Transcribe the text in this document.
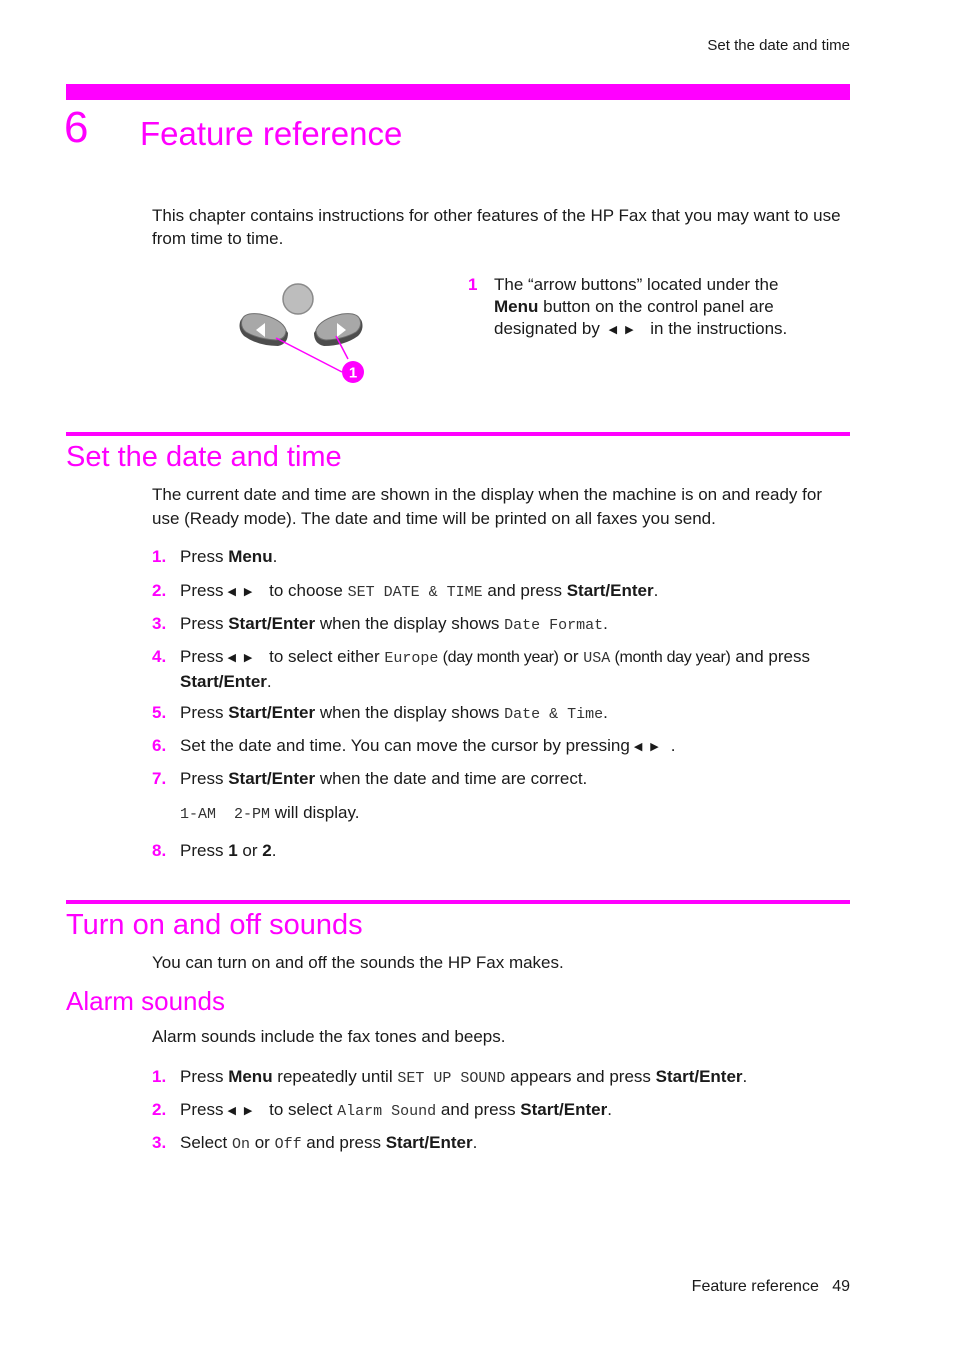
Set the date and time
6 Feature reference
This chapter contains instructions for other features of the HP Fax that you may want to use from time to time.
1
1 The “arrow buttons” located under the
Menu button on the control panel are designated by ◀▶ in the instructions.
Set the date and time
The current date and time are shown in the display when the machine is on and ready for use (Ready mode). The date and time will be printed on all faxes you send.
1. Press Menu.
2. Press ◀▶ to choose SET DATE & TIME and press Start/Enter.
3. Press Start/Enter when the display shows Date Format.
4. Press ◀▶ to select either Europe (day month year) or USA (month day year) and press Start/Enter.
5. Press Start/Enter when the display shows Date & Time.
6. Set the date and time. You can move the cursor by pressing ◀▶ .
7. Press Start/Enter when the date and time are correct.
1-AM  2-PM will display.
8. Press 1 or 2.
Turn on and off sounds
You can turn on and off the sounds the HP Fax makes.
Alarm sounds
Alarm sounds include the fax tones and beeps.
1. Press Menu repeatedly until SET UP SOUND appears and press Start/Enter.
2. Press ◀▶ to select Alarm Sound and press Start/Enter.
3. Select On or Off and press Start/Enter.
Feature reference 49
